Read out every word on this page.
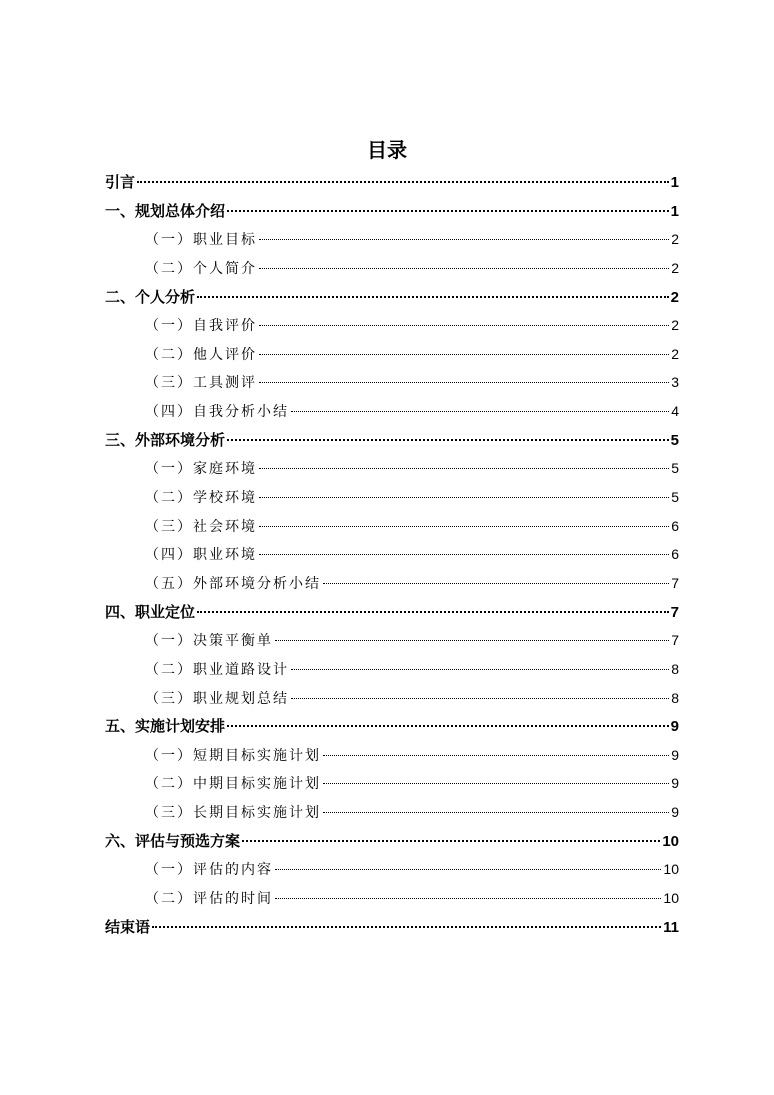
目录
引言	1
一、规划总体介绍	1
（一）职业目标	2
（二）个人简介	2
二、个人分析	2
（一）自我评价	2
（二）他人评价	2
（三）工具测评	3
（四）自我分析小结	4
三、外部环境分析	5
（一）家庭环境	5
（二）学校环境	5
（三）社会环境	6
（四）职业环境	6
（五）外部环境分析小结	7
四、职业定位	7
（一）决策平衡单	7
（二）职业道路设计	8
（三）职业规划总结	8
五、实施计划安排	9
（一）短期目标实施计划	9
（二）中期目标实施计划	9
（三）长期目标实施计划	9
六、评估与预选方案	10
（一）评估的内容	10
（二）评估的时间	10
结束语	11
